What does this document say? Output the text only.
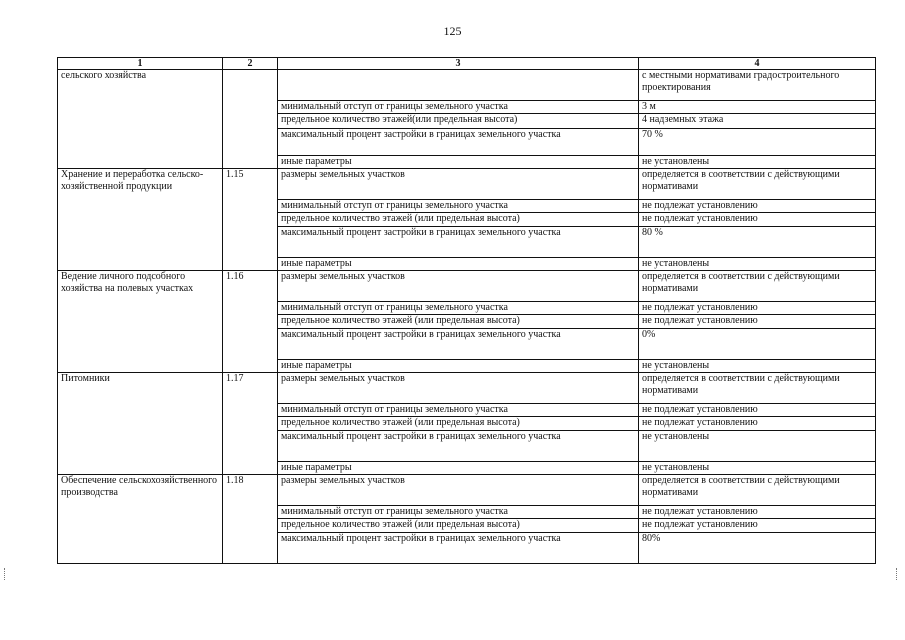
125
1	2	3	4
сельского хозяйства			с местными нормативами градостроительного проектирования
		минимальный отступ от границы земельного участка	3 м
		предельное количество этажей(или предельная высота)	4 надземных этажа
		максимальный процент застройки в границах земельного участка	70 %
		иные параметры	не установлены
Хранение и переработка сельско-хозяйственной продукции	1.15	размеры земельных участков	определяется в соответствии с действующими нормативами
		минимальный отступ от границы земельного участка	не подлежат установлению
		предельное количество этажей (или предельная высота)	не подлежат установлению
		максимальный процент застройки в границах земельного участка	80 %
		иные параметры	не установлены
Ведение личного подсобного хозяйства на полевых участках	1.16	размеры земельных участков	определяется в соответствии с действующими нормативами
		минимальный отступ от границы земельного участка	не подлежат установлению
		предельное количество этажей (или предельная высота)	не подлежат установлению
		максимальный процент застройки в границах земельного участка	0%
		иные параметры	не установлены
Питомники	1.17	размеры земельных участков	определяется в соответствии с действующими нормативами
		минимальный отступ от границы земельного участка	не подлежат установлению
		предельное количество этажей (или предельная высота)	не подлежат установлению
		максимальный процент застройки в границах земельного участка	не установлены
		иные параметры	не установлены
Обеспечение сельскохозяйственного производства	1.18	размеры земельных участков	определяется в соответствии с действующими нормативами
		минимальный отступ от границы земельного участка	не подлежат установлению
		предельное количество этажей (или предельная высота)	не подлежат установлению
		максимальный процент застройки в границах земельного участка	80%
